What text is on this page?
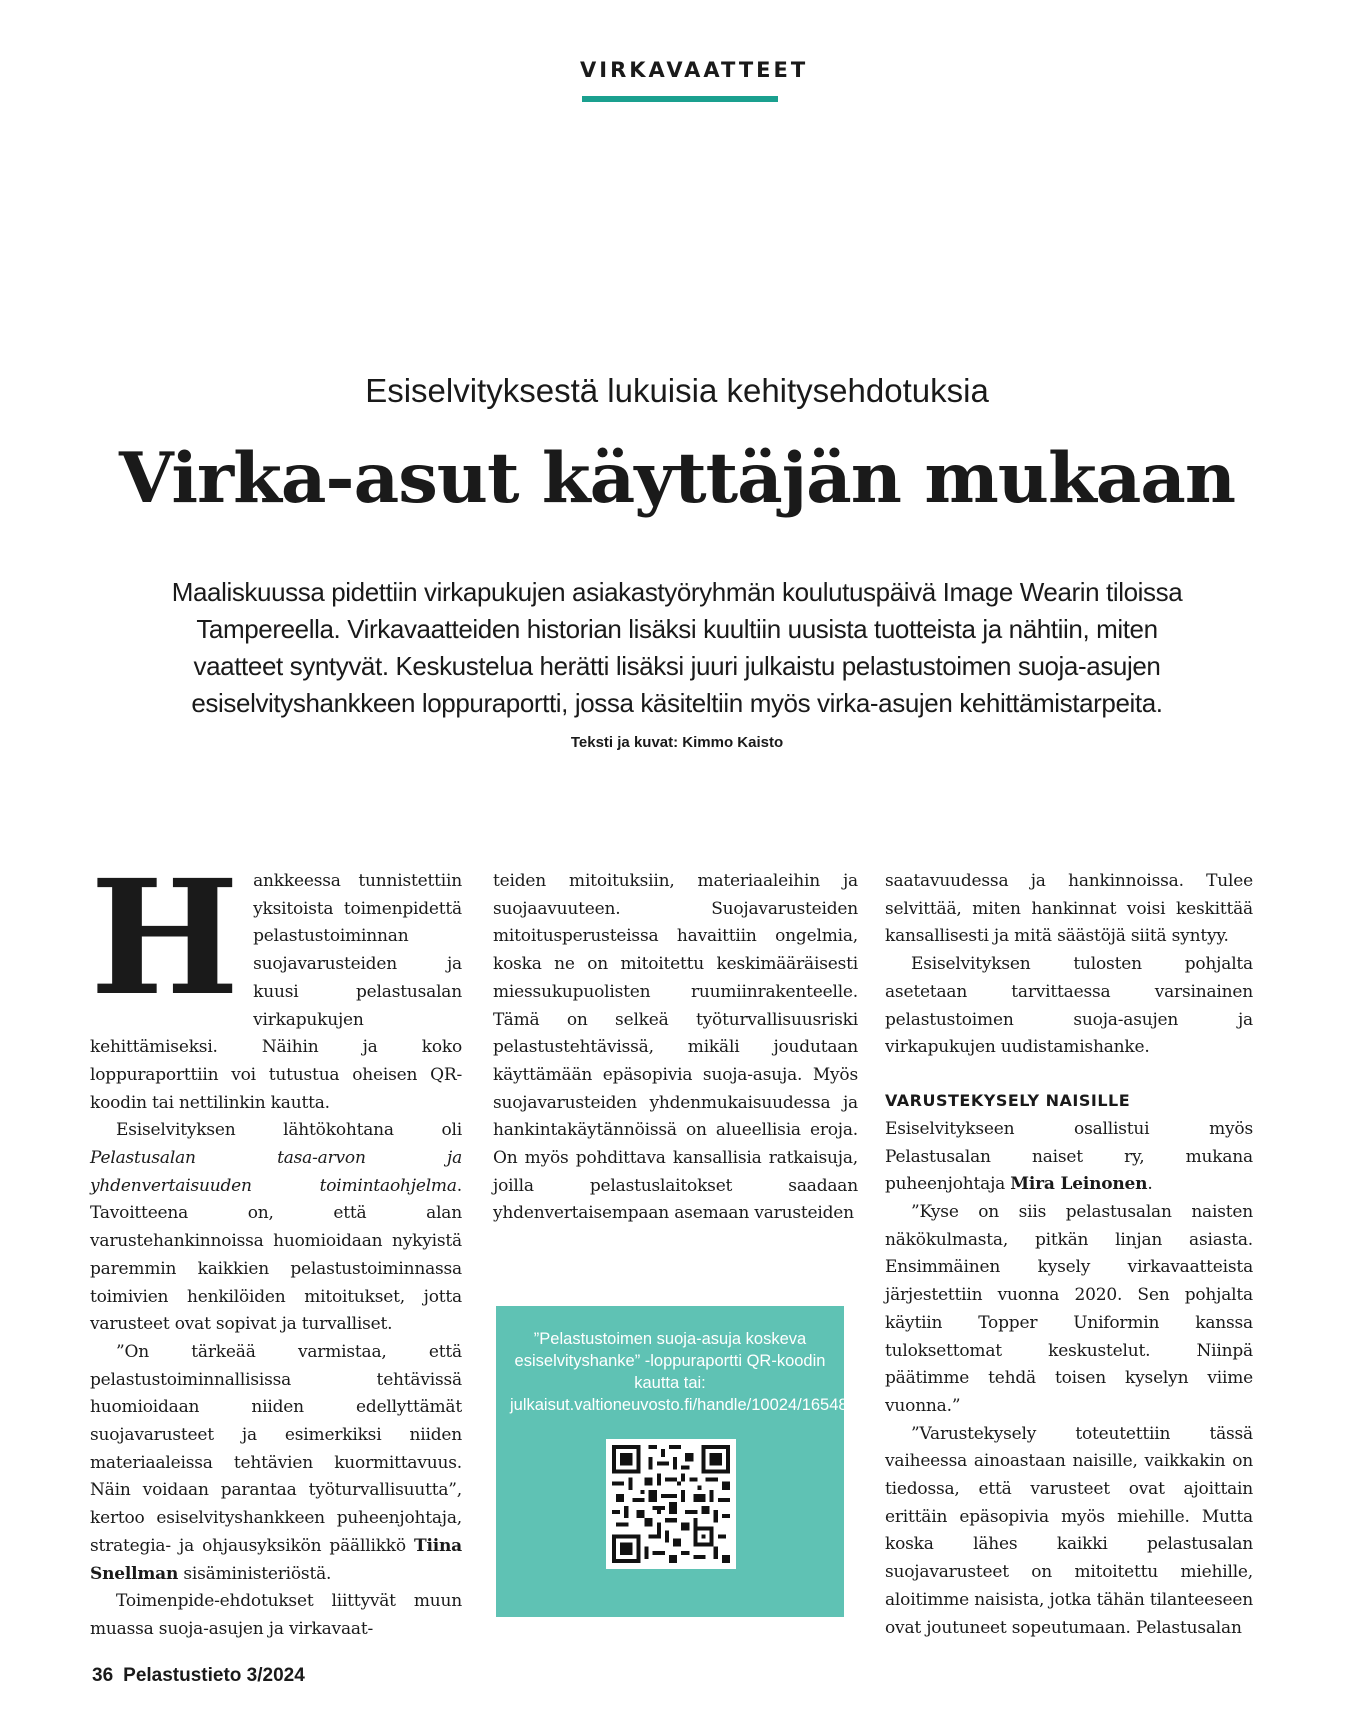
VIRKAVAATTEET
Esiselvityksestä lukuisia kehitysehdotuksia
Virka-asut käyttäjän mukaan
Maaliskuussa pidettiin virkapukujen asiakastyöryhmän koulutuspäivä Image Wearin tiloissa Tampereella. Virkavaatteiden historian lisäksi kuultiin uusista tuotteista ja nähtiin, miten vaatteet syntyvät. Keskustelua herätti lisäksi juuri julkaistu pelastustoimen suoja-asujen esiselvityshankkeen loppuraportti, jossa käsiteltiin myös virka-asujen kehittämistarpeita.
Teksti ja kuvat: Kimmo Kaisto

Hankkeessa tunnistettiin yksitoista toimenpidettä pelastustoiminnan suojavarusteiden ja kuusi pelastusalan virkapukujen kehittämiseksi. Näihin ja koko loppuraporttiin voi tutustua oheisen QR-koodin tai nettilinkin kautta.

Esiselvityksen lähtökohtana oli Pelastusalan tasa-arvon ja yhdenvertaisuuden toimintaohjelma. Tavoitteena on, että alan varustehankinnoissa huomioidaan nykyistä paremmin kaikkien pelastustoiminnassa toimivien henkilöiden mitoitukset, jotta varusteet ovat sopivat ja turvalliset.

”On tärkeää varmistaa, että pelastustoiminnallisissa tehtävissä huomioidaan niiden edellyttämät suojavarusteet ja esimerkiksi niiden materiaaleissa tehtävien kuormittavuus. Näin voidaan parantaa työturvallisuutta”, kertoo esiselvityshankkeen puheenjohtaja, strategia- ja ohjausyksikön päällikkö Tiina Snellman sisäministeriöstä.

Toimenpide-ehdotukset liittyvät muun muassa suoja-asujen ja virkavaat-

teiden mitoituksiin, materiaaleihin ja suojaavuuteen. Suojavarusteiden mitoitusperusteissa havaittiin ongelmia, koska ne on mitoitettu keskimääräisesti miessukupuolisten ruumiinrakenteelle. Tämä on selkeä työturvallisuusriski pelastustehtävissä, mikäli joudutaan käyttämään epäsopivia suoja-asuja. Myös suojavarusteiden yhdenmukaisuudessa ja hankintakäytännöissä on alueellisia eroja. On myös pohdittava kansallisia ratkaisuja, joilla pelastuslaitokset saadaan yhdenvertaisempaan asemaan varusteiden

”Pelastustoimen suoja-asuja koskeva esiselvityshanke” -loppuraportti QR-koodin kautta tai: julkaisut.valtioneuvosto.fi/handle/10024/165486

saatavuudessa ja hankinnoissa. Tulee selvittää, miten hankinnat voisi keskittää kansallisesti ja mitä säästöjä siitä syntyy.

Esiselvityksen tulosten pohjalta asetetaan tarvittaessa varsinainen pelastustoimen suoja-asujen ja virkapukujen uudistamishanke.

VARUSTEKYSELY NAISILLE

Esiselvitykseen osallistui myös Pelastusalan naiset ry, mukana puheenjohtaja Mira Leinonen.

”Kyse on siis pelastusalan naisten näkökulmasta, pitkän linjan asiasta. Ensimmäinen kysely virkavaatteista järjestettiin vuonna 2020. Sen pohjalta käytiin Topper Uniformin kanssa tuloksettomat keskustelut. Niinpä päätimme tehdä toisen kyselyn viime vuonna.”

”Varustekysely toteutettiin tässä vaiheessa ainoastaan naisille, vaikkakin on tiedossa, että varusteet ovat ajoittain erittäin epäsopivia myös miehille. Mutta koska lähes kaikki pelastusalan suojavarusteet on mitoitettu miehille, aloitimme naisista, jotka tähän tilanteeseen ovat joutuneet sopeutumaan. Pelastusalan

36 Pelastustieto 3/2024
